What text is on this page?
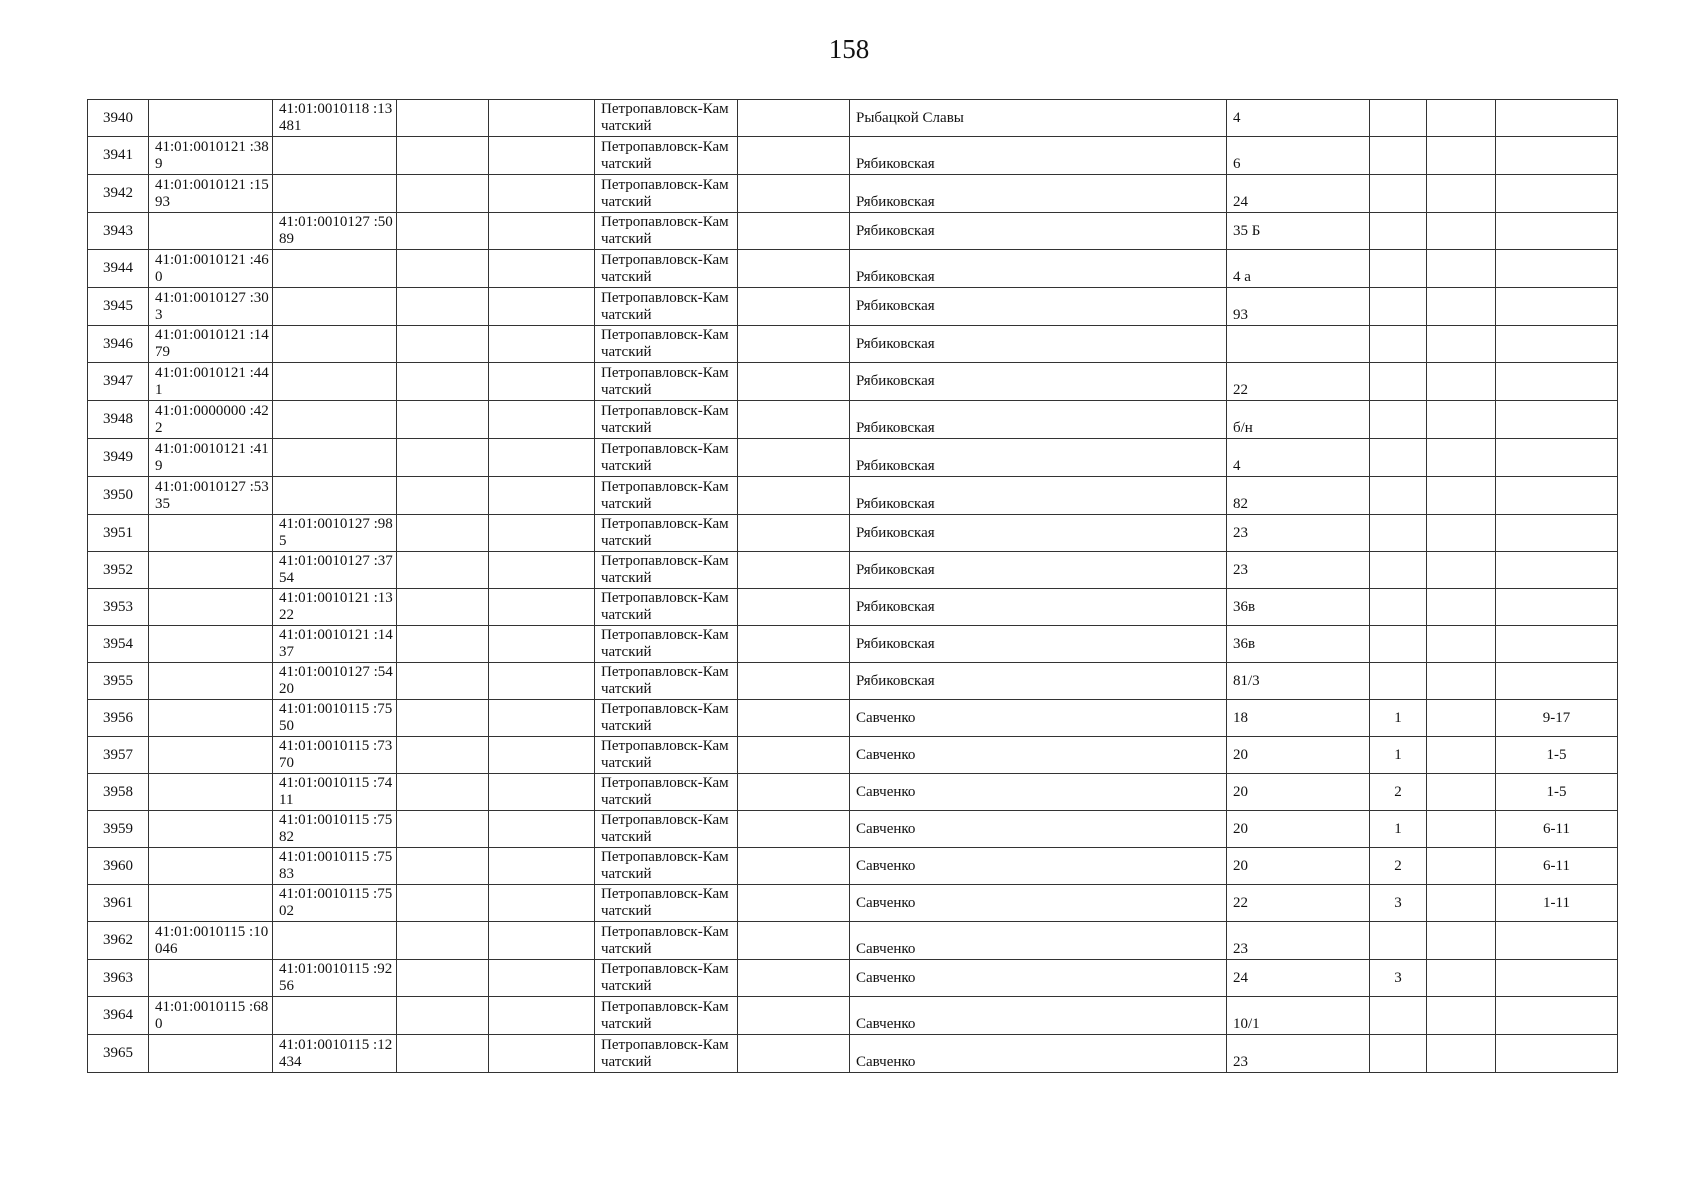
158
3940		41:01:0010118 :13481			Петропавловск-Камчатский		Рыбацкой Славы	4			
3941	41:01:0010121 :389				Петропавловск-Камчатский		Рябиковская	6			
3942	41:01:0010121 :1593				Петропавловск-Камчатский		Рябиковская	24			
3943		41:01:0010127 :5089			Петропавловск-Камчатский		Рябиковская	35 Б			
3944	41:01:0010121 :460				Петропавловск-Камчатский		Рябиковская	4 а			
3945	41:01:0010127 :303				Петропавловск-Камчатский		Рябиковская	93			
3946	41:01:0010121 :1479				Петропавловск-Камчатский		Рябиковская				
3947	41:01:0010121 :441				Петропавловск-Камчатский		Рябиковская	22			
3948	41:01:0000000 :422				Петропавловск-Камчатский		Рябиковская	б/н			
3949	41:01:0010121 :419				Петропавловск-Камчатский		Рябиковская	4			
3950	41:01:0010127 :5335				Петропавловск-Камчатский		Рябиковская	82			
3951		41:01:0010127 :985			Петропавловск-Камчатский		Рябиковская	23			
3952		41:01:0010127 :3754			Петропавловск-Камчатский		Рябиковская	23			
3953		41:01:0010121 :1322			Петропавловск-Камчатский		Рябиковская	36в			
3954		41:01:0010121 :1437			Петропавловск-Камчатский		Рябиковская	36в			
3955		41:01:0010127 :5420			Петропавловск-Камчатский		Рябиковская	81/3			
3956		41:01:0010115 :7550			Петропавловск-Камчатский		Савченко	18	1		9-17
3957		41:01:0010115 :7370			Петропавловск-Камчатский		Савченко	20	1		1-5
3958		41:01:0010115 :7411			Петропавловск-Камчатский		Савченко	20	2		1-5
3959		41:01:0010115 :7582			Петропавловск-Камчатский		Савченко	20	1		6-11
3960		41:01:0010115 :7583			Петропавловск-Камчатский		Савченко	20	2		6-11
3961		41:01:0010115 :7502			Петропавловск-Камчатский		Савченко	22	3		1-11
3962	41:01:0010115 :10046				Петропавловск-Камчатский		Савченко	23			
3963		41:01:0010115 :9256			Петропавловск-Камчатский		Савченко	24	3		
3964	41:01:0010115 :680				Петропавловск-Камчатский		Савченко	10/1			
3965		41:01:0010115 :12434			Петропавловск-Камчатский		Савченко	23			
